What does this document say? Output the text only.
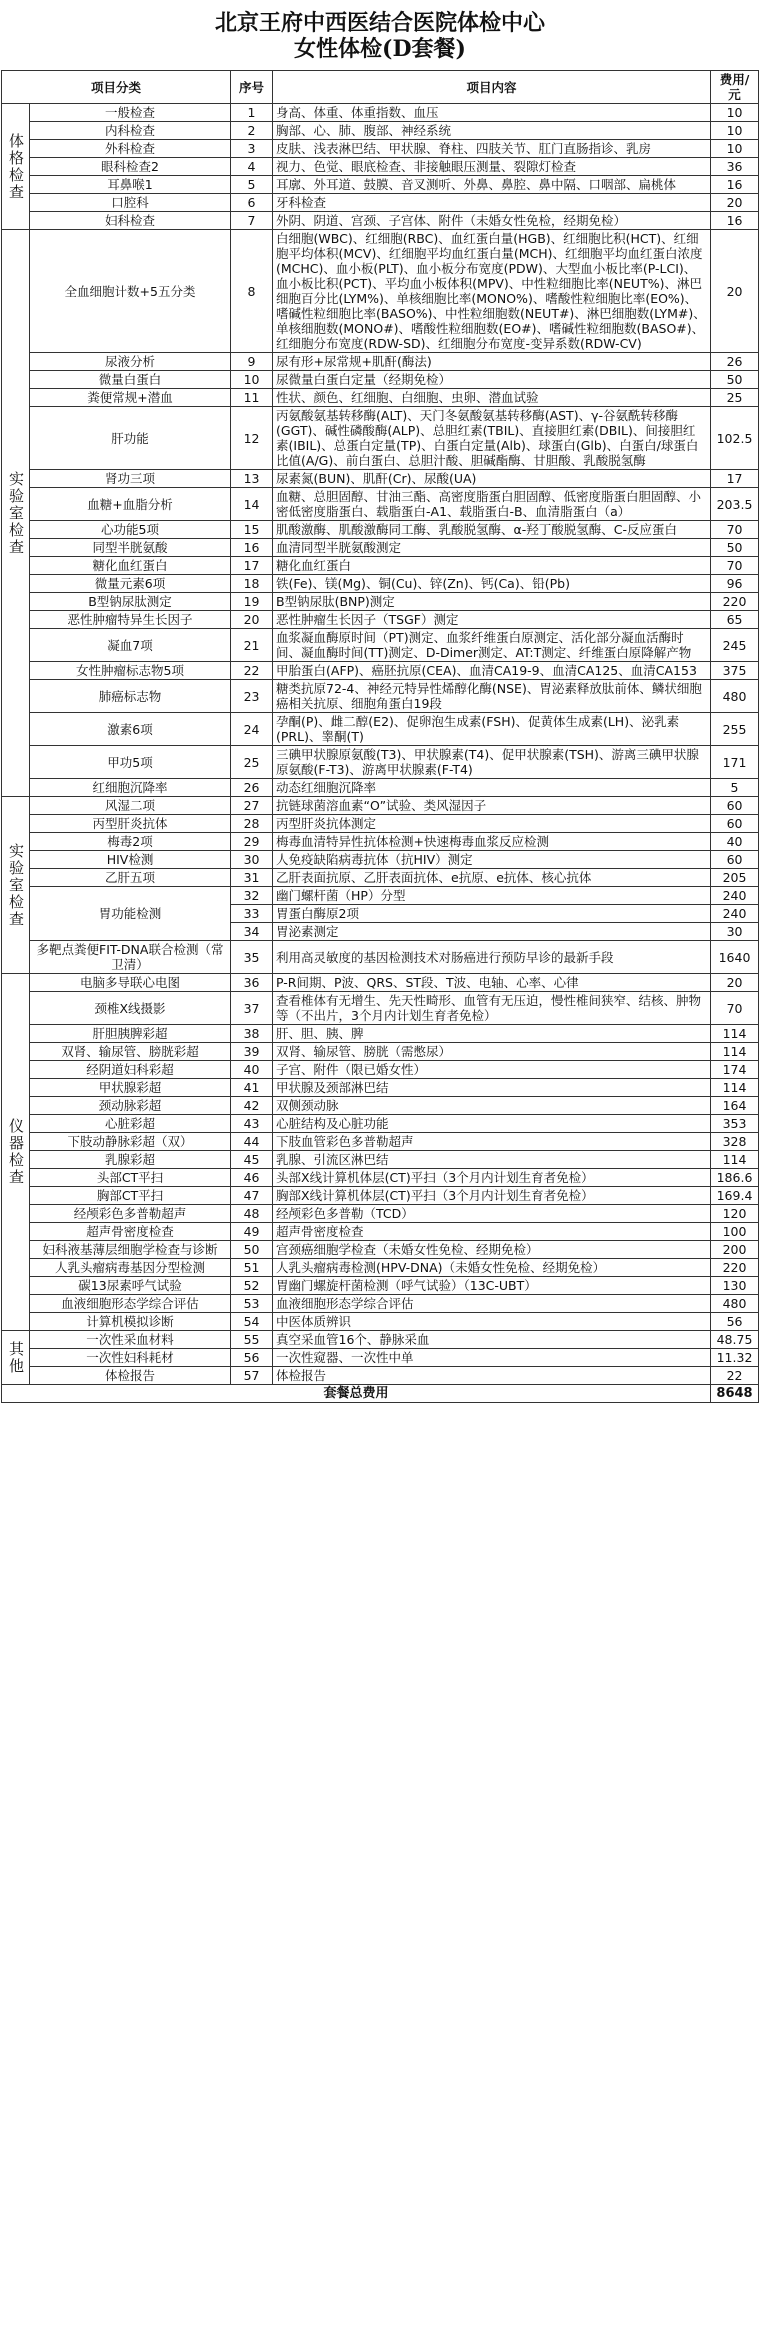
北京王府中西医结合医院体检中心
女性体检(D套餐)
项目分类		序号	项目内容	费用/元
体格检查	一般检查	1	身高、体重、体重指数、血压	10
	内科检查	2	胸部、心、肺、腹部、神经系统	10
	外科检查	3	皮肤、浅表淋巴结、甲状腺、脊柱、四肢关节、肛门直肠指诊、乳房	10
	眼科检查2	4	视力、色觉、眼底检查、非接触眼压测量、裂隙灯检查	36
	耳鼻喉1	5	耳廓、外耳道、鼓膜、音叉测听、外鼻、鼻腔、鼻中隔、口咽部、扁桃体	16
	口腔科	6	牙科检查	20
	妇科检查	7	外阴、阴道、宫颈、子宫体、附件（未婚女性免检，经期免检）	16
实验室检查	全血细胞计数+5五分类	8	白细胞(WBC)、红细胞(RBC)、血红蛋白量(HGB)、红细胞比积(HCT)、红细胞平均体积(MCV)、红细胞平均血红蛋白量(MCH)、红细胞平均血红蛋白浓度(MCHC)、血小板(PLT)、血小板分布宽度(PDW)、大型血小板比率(P-LCI)、血小板比积(PCT)、平均血小板体积(MPV)、中性粒细胞比率(NEUT%)、淋巴细胞百分比(LYM%)、单核细胞比率(MONO%)、嗜酸性粒细胞比率(EO%)、嗜碱性粒细胞比率(BASO%)、中性粒细胞数(NEUT#)、淋巴细胞数(LYM#)、单核细胞数(MONO#)、嗜酸性粒细胞数(EO#)、嗜碱性粒细胞数(BASO#)、红细胞分布宽度(RDW-SD)、红细胞分布宽度-变异系数(RDW-CV)	20
	尿液分析	9	尿有形+尿常规+肌酐(酶法)	26
	微量白蛋白	10	尿微量白蛋白定量（经期免检）	50
	粪便常规+潜血	11	性状、颜色、红细胞、白细胞、虫卵、潜血试验	25
	肝功能	12	丙氨酸氨基转移酶(ALT)、天门冬氨酸氨基转移酶(AST)、γ-谷氨酰转移酶(GGT)、碱性磷酸酶(ALP)、总胆红素(TBIL)、直接胆红素(DBIL)、间接胆红素(IBIL)、总蛋白定量(TP)、白蛋白定量(Alb)、球蛋白(Glb)、白蛋白/球蛋白比值(A/G)、前白蛋白、总胆汁酸、胆碱酯酶、甘胆酸、乳酸脱氢酶	102.5
	肾功三项	13	尿素氮(BUN)、肌酐(Cr)、尿酸(UA)	17
	血糖+血脂分析	14	血糖、总胆固醇、甘油三酯、高密度脂蛋白胆固醇、低密度脂蛋白胆固醇、小密低密度脂蛋白、载脂蛋白-A1、载脂蛋白-B、血清脂蛋白（a）	203.5
	心功能5项	15	肌酸激酶、肌酸激酶同工酶、乳酸脱氢酶、α-羟丁酸脱氢酶、C-反应蛋白	70
	同型半胱氨酸	16	血清同型半胱氨酸测定	50
	糖化血红蛋白	17	糖化血红蛋白	70
	微量元素6项	18	铁(Fe)、镁(Mg)、铜(Cu)、锌(Zn)、钙(Ca)、铅(Pb)	96
	B型钠尿肽测定	19	B型钠尿肽(BNP)测定	220
	恶性肿瘤特异生长因子	20	恶性肿瘤生长因子（TSGF）测定	65
	凝血7项	21	血浆凝血酶原时间（PT)测定、血浆纤维蛋白原测定、活化部分凝血活酶时间、凝血酶时间(TT)测定、D-Dimer测定、AT:T测定、纤维蛋白原降解产物	245
	女性肿瘤标志物5项	22	甲胎蛋白(AFP)、癌胚抗原(CEA)、血清CA19-9、血清CA125、血清CA153	375
	肺癌标志物	23	糖类抗原72-4、神经元特异性烯醇化酶(NSE)、胃泌素释放肽前体、鳞状细胞癌相关抗原、细胞角蛋白19段	480
	激素6项	24	孕酮(P)、雌二醇(E2)、促卵泡生成素(FSH)、促黄体生成素(LH)、泌乳素(PRL)、睾酮(T)	255
	甲功5项	25	三碘甲状腺原氨酸(T3)、甲状腺素(T4)、促甲状腺素(TSH)、游离三碘甲状腺原氨酸(F-T3)、游离甲状腺素(F-T4)	171
	红细胞沉降率	26	动态红细胞沉降率	5
实验室检查	风湿二项	27	抗链球菌溶血素“O”试验、类风湿因子	60
	丙型肝炎抗体	28	丙型肝炎抗体测定	60
	梅毒2项	29	梅毒血清特异性抗体检测+快速梅毒血浆反应检测	40
	HIV检测	30	人免疫缺陷病毒抗体（抗HIV）测定	60
	乙肝五项	31	乙肝表面抗原、乙肝表面抗体、e抗原、e抗体、核心抗体	205
	胃功能检测	32	幽门螺杆菌（HP）分型	240
		33	胃蛋白酶原2项	240
		34	胃泌素测定	30
	多靶点粪便FIT-DNA联合检测（常卫清）	35	利用高灵敏度的基因检测技术对肠癌进行预防早诊的最新手段	1640
仪器检查	电脑多导联心电图	36	P-R间期、P波、QRS、ST段、T波、电轴、心率、心律	20
	颈椎X线摄影	37	查看椎体有无增生、先天性畸形、血管有无压迫，慢性椎间狭窄、结核、肿物等（不出片，3个月内计划生育者免检）	70
	肝胆胰脾彩超	38	肝、胆、胰、脾	114
	双肾、输尿管、膀胱彩超	39	双肾、输尿管、膀胱（需憋尿）	114
	经阴道妇科彩超	40	子宫、附件（限已婚女性）	174
	甲状腺彩超	41	甲状腺及颈部淋巴结	114
	颈动脉彩超	42	双侧颈动脉	164
	心脏彩超	43	心脏结构及心脏功能	353
	下肢动静脉彩超（双）	44	下肢血管彩色多普勒超声	328
	乳腺彩超	45	乳腺、引流区淋巴结	114
	头部CT平扫	46	头部X线计算机体层(CT)平扫（3个月内计划生育者免检）	186.6
	胸部CT平扫	47	胸部X线计算机体层(CT)平扫（3个月内计划生育者免检）	169.4
	经颅彩色多普勒超声	48	经颅彩色多普勒（TCD）	120
	超声骨密度检查	49	超声骨密度检查	100
	妇科液基薄层细胞学检查与诊断	50	宫颈癌细胞学检查（未婚女性免检、经期免检）	200
	人乳头瘤病毒基因分型检测	51	人乳头瘤病毒检测(HPV-DNA)（未婚女性免检、经期免检）	220
	碳13尿素呼气试验	52	胃幽门螺旋杆菌检测（呼气试验）（13C-UBT）	130
	血液细胞形态学综合评估	53	血液细胞形态学综合评估	480
	计算机模拟诊断	54	中医体质辨识	56
其他	一次性采血材料	55	真空采血管16个、静脉采血	48.75
	一次性妇科耗材	56	一次性窥器、一次性中单	11.32
	体检报告	57	体检报告	22
套餐总费用				8648
